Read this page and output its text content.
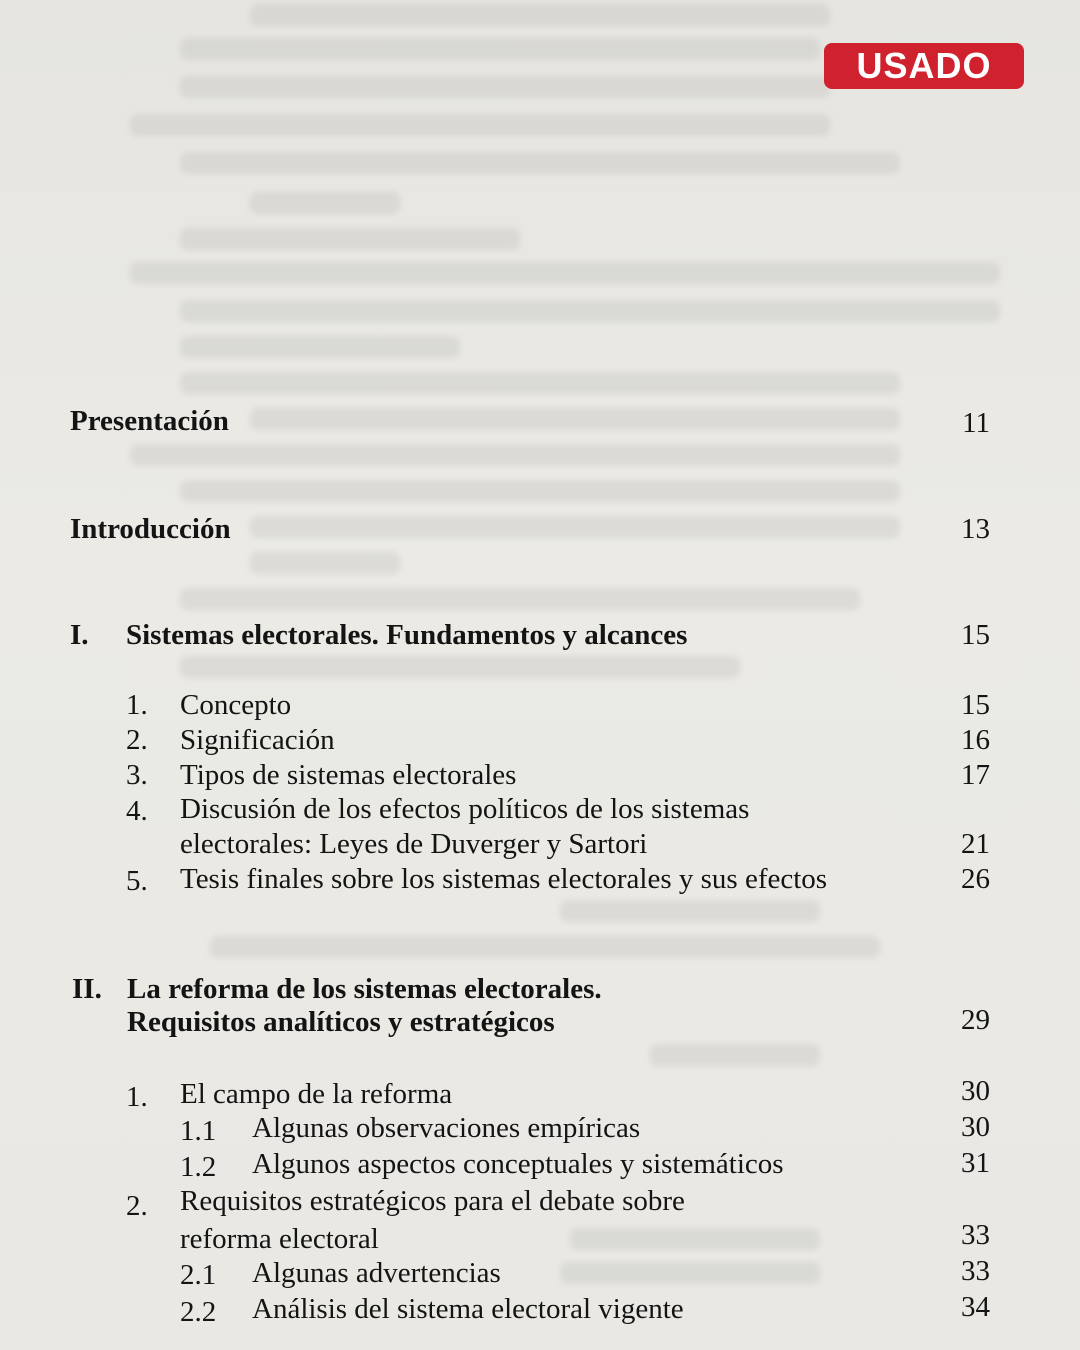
USADO
Presentación	11
Introducción	13
I. Sistemas electorales. Fundamentos y alcances	15
1. Concepto	15
2. Significación	16
3. Tipos de sistemas electorales	17
4. Discusión de los efectos políticos de los sistemas
electorales: Leyes de Duverger y Sartori	21
5. Tesis finales sobre los sistemas electorales y sus efectos	26
II. La reforma de los sistemas electorales.
Requisitos analíticos y estratégicos	29
1. El campo de la reforma	30
1.1 Algunas observaciones empíricas	30
1.2 Algunos aspectos conceptuales y sistemáticos	31
2. Requisitos estratégicos para el debate sobre
reforma electoral	33
2.1 Algunas advertencias	33
2.2 Análisis del sistema electoral vigente	34
